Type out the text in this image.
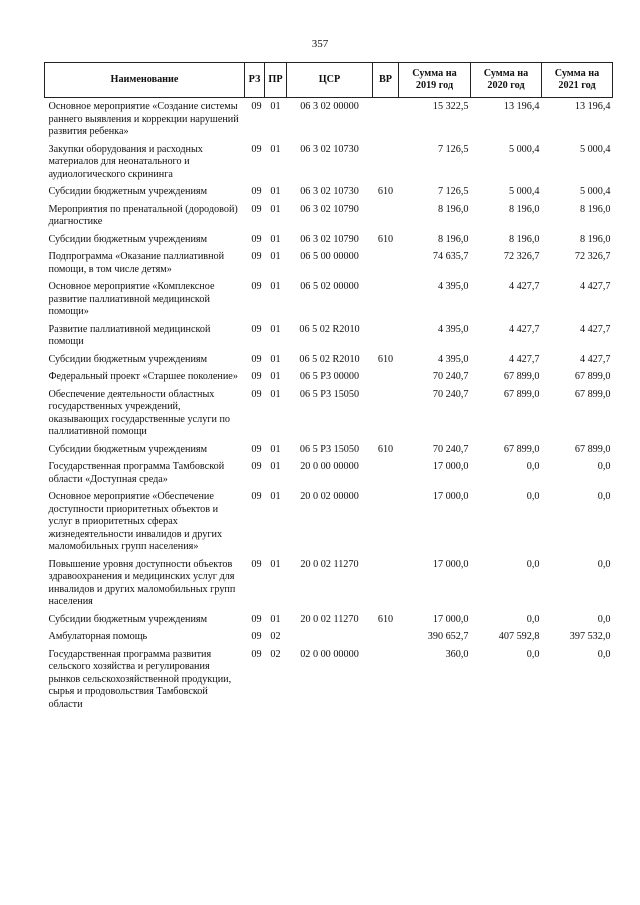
357
Наименование	РЗ	ПР	ЦСР	ВР	Сумма на 2019 год	Сумма на 2020 год	Сумма на 2021 год
Основное мероприятие «Создание системы раннего выявления и коррекции нарушений развития ребенка»	09	01	06 3 02 00000		15 322,5	13 196,4	13 196,4
Закупки оборудования и расходных материалов для неонатального и аудиологического скрининга	09	01	06 3 02 10730		7 126,5	5 000,4	5 000,4
Субсидии бюджетным учреждениям	09	01	06 3 02 10730	610	7 126,5	5 000,4	5 000,4
Мероприятия по пренатальной (дородовой) диагностике	09	01	06 3 02 10790		8 196,0	8 196,0	8 196,0
Субсидии бюджетным учреждениям	09	01	06 3 02 10790	610	8 196,0	8 196,0	8 196,0
Подпрограмма «Оказание паллиативной помощи, в том числе детям»	09	01	06 5 00 00000		74 635,7	72 326,7	72 326,7
Основное мероприятие «Комплексное развитие паллиативной медицинской помощи»	09	01	06 5 02 00000		4 395,0	4 427,7	4 427,7
Развитие паллиативной медицинской помощи	09	01	06 5 02 R2010		4 395,0	4 427,7	4 427,7
Субсидии бюджетным учреждениям	09	01	06 5 02 R2010	610	4 395,0	4 427,7	4 427,7
Федеральный проект «Старшее поколение»	09	01	06 5 P3 00000		70 240,7	67 899,0	67 899,0
Обеспечение деятельности областных государственных учреждений, оказывающих государственные услуги по паллиативной помощи	09	01	06 5 P3 15050		70 240,7	67 899,0	67 899,0
Субсидии бюджетным учреждениям	09	01	06 5 P3 15050	610	70 240,7	67 899,0	67 899,0
Государственная программа Тамбовской области «Доступная среда»	09	01	20 0 00 00000		17 000,0	0,0	0,0
Основное мероприятие «Обеспечение доступности приоритетных объектов и услуг в приоритетных сферах жизнедеятельности инвалидов и других маломобильных групп населения»	09	01	20 0 02 00000		17 000,0	0,0	0,0
Повышение уровня доступности объектов здравоохранения и медицинских услуг для инвалидов и других маломобильных групп населения	09	01	20 0 02 11270		17 000,0	0,0	0,0
Субсидии бюджетным учреждениям	09	01	20 0 02 11270	610	17 000,0	0,0	0,0
Амбулаторная помощь	09	02			390 652,7	407 592,8	397 532,0
Государственная программа развития сельского хозяйства и регулирования рынков сельскохозяйственной продукции, сырья и продовольствия Тамбовской области	09	02	02 0 00 00000		360,0	0,0	0,0
